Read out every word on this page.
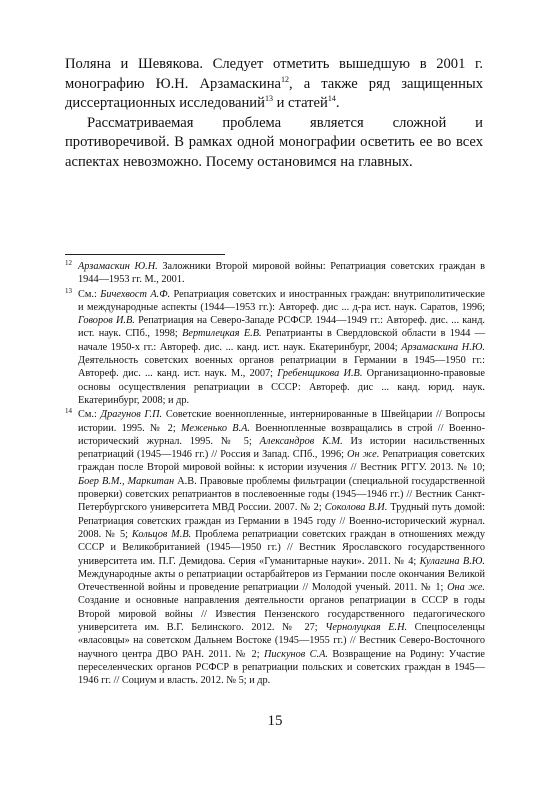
Поляна и Шевякова. Следует отметить вышедшую в 2001 г. монографию Ю.Н. Арзамаскина$^{12}$, а также ряд защищенных диссертационных исследований$^{13}$ и статей$^{14}$.

Рассматриваемая проблема является сложной и противоречивой. В рамках одной монографии осветить ее во всех аспектах невозможно. Посему остановимся на главных.

12 Арзамаскин Ю.Н. Заложники Второй мировой войны: Репатриация советских граждан в 1944—1953 гг. М., 2001.

13 См.: Бичехвост А.Ф. Репатриация советских и иностранных граждан: внутриполитические и международные аспекты (1944—1953 гг.): Автореф. дис ... д-ра ист. наук. Саратов, 1996; Говоров И.В. Репатриация на Северо-Западе РСФСР. 1944—1949 гг.: Автореф. дис. ... канд. ист. наук. СПб., 1998; Вертилецкая Е.В. Репатрианты в Свердловской области в 1944 — начале 1950-х гг.: Автореф. дис. ... канд. ист. наук. Екатеринбург, 2004; Арзамаскина Н.Ю. Деятельность советских военных органов репатриации в Германии в 1945—1950 гг.: Автореф. дис. ... канд. ист. наук. М., 2007; Гребенщикова И.В. Организационно-правовые основы осуществления репатриации в СССР: Автореф. дис ... канд. юрид. наук. Екатеринбург, 2008; и др.

14 См.: Драгунов Г.П. Советские военнопленные, интернированные в Швейцарии // Вопросы истории. 1995. № 2; Меженько В.А. Военнопленные возвращались в строй // Военно-исторический журнал. 1995. № 5; Александров К.М. Из истории насильственных репатриаций (1945—1946 гг.) // Россия и Запад. СПб., 1996; Он же. Репатриация советских граждан после Второй мировой войны: к истории изучения // Вестник РГГУ. 2013. № 10; Боер В.М., Маркитан А.В. Правовые проблемы фильтрации (специальной государственной проверки) советских репатриантов в послевоенные годы (1945—1946 гг.) // Вестник Санкт-Петербургского университета МВД России. 2007. № 2; Соколова В.И. Трудный путь домой: Репатриация советских граждан из Германии в 1945 году // Военно-исторический журнал. 2008. № 5; Кольцов М.В. Проблема репатриации советских граждан в отношениях между СССР и Великобританией (1945—1950 гг.) // Вестник Ярославского государственного университета им. П.Г. Демидова. Серия «Гуманитарные науки». 2011. № 4; Кулагина В.Ю. Международные акты о репатриации остарбайтеров из Германии после окончания Великой Отечественной войны и проведение репатриации // Молодой ученый. 2011. № 1; Она же. Создание и основные направления деятельности органов репатриации в СССР в годы Второй мировой войны // Известия Пензенского государственного педагогического университета им. В.Г. Белинского. 2012. № 27; Чернолуцкая Е.Н. Спецпоселенцы «власовцы» на советском Дальнем Востоке (1945—1955 гг.) // Вестник Северо-Восточного научного центра ДВО РАН. 2011. № 2; Пискунов С.А. Возвращение на Родину: Участие переселенческих органов РСФСР в репатриации польских и советских граждан в 1945—1946 гг. // Социум и власть. 2012. № 5; и др.

15
